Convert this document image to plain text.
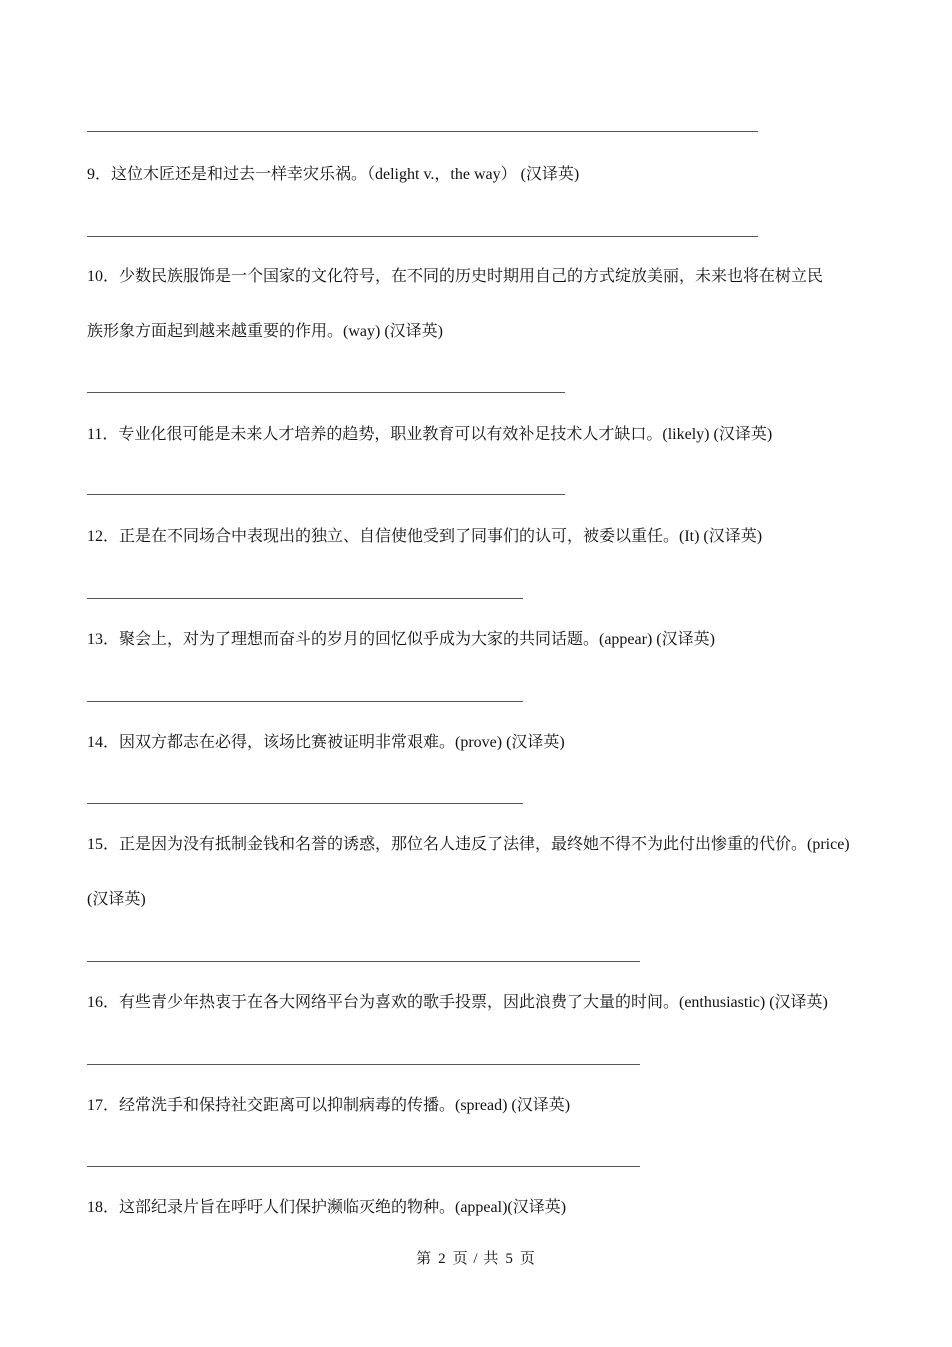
9．这位木匠还是和过去一样幸灾乐祸。（delight v.，the way） (汉译英)
10．少数民族服饰是一个国家的文化符号，在不同的历史时期用自己的方式绽放美丽，未来也将在树立民
族形象方面起到越来越重要的作用。(way) (汉译英)
11．专业化很可能是未来人才培养的趋势，职业教育可以有效补足技术人才缺口。(likely) (汉译英)
12．正是在不同场合中表现出的独立、自信使他受到了同事们的认可，被委以重任。(It) (汉译英)
13．聚会上，对为了理想而奋斗的岁月的回忆似乎成为大家的共同话题。(appear) (汉译英)
14．因双方都志在必得，该场比赛被证明非常艰难。(prove) (汉译英)
15．正是因为没有抵制金钱和名誉的诱惑，那位名人违反了法律，最终她不得不为此付出惨重的代价。(price)
(汉译英)
16．有些青少年热衷于在各大网络平台为喜欢的歌手投票，因此浪费了大量的时间。(enthusiastic) (汉译英)
17．经常洗手和保持社交距离可以抑制病毒的传播。(spread) (汉译英)
18．这部纪录片旨在呼吁人们保护濒临灭绝的物种。(appeal)(汉译英)
第 2 页 / 共 5 页
